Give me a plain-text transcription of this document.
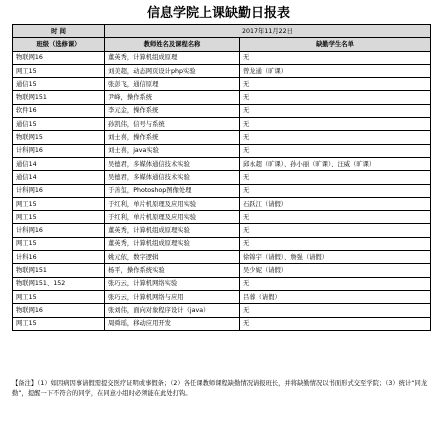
信息学院上课缺勤日报表
时 间	2017年11月22日	
班级（选修课）	教师姓名及课程名称	缺勤学生名单
物联网16	董英秀，计算机组成原理	无
网工15	刘美超，动态网页设计php实验	曾龙通（旷课）
通信15	张彭飞，通信原理	无
物联网151	尹峰，操作系统	无
软件16	李元金，操作系统	无
通信15	孙凯伟，信号与系统	无
物联网15	刘士喜，操作系统	无
计科网16	刘士喜，java实验	无
通信14	吴德君，多媒体通信技术实验	邱永超（旷课）、孙小丽（旷课）、汪威（旷课）
通信14	吴德君，多媒体通信技术实验	无
计科网16	于善玺，Photoshop图像处理	无
网工15	于红利，单片机原理及应用实验	石跃江（请假）
网工15	于红利，单片机原理及应用实验	无
计科网16	董英秀，计算机组成原理实验	无
网工15	董英秀，计算机组成原理实验	无
计科16	姚元依，数字逻辑	徐锦宇（请假）、詹强（请假）
物联网151	杨平，操作系统实验	吴少妮（请假）
物联网151、152	张巧云，计算机网络实验	无
网工15	张巧云，计算机网络与应用	吕蓉（请假）
物联网16	张刘伟，面向对象程序设计（java）	无
网工15	周舜瑶，移动应用开发	无
【备注】（1）如因病因事请假需提交医疗证明或事假条；（2）各任课教师课程缺勤情况请报班长，并将缺勤情况以书面形式交至学院；（3）统计“同龙勤”，提醒一下不符合的同学，在同意小组时必须能在此处打钩。
